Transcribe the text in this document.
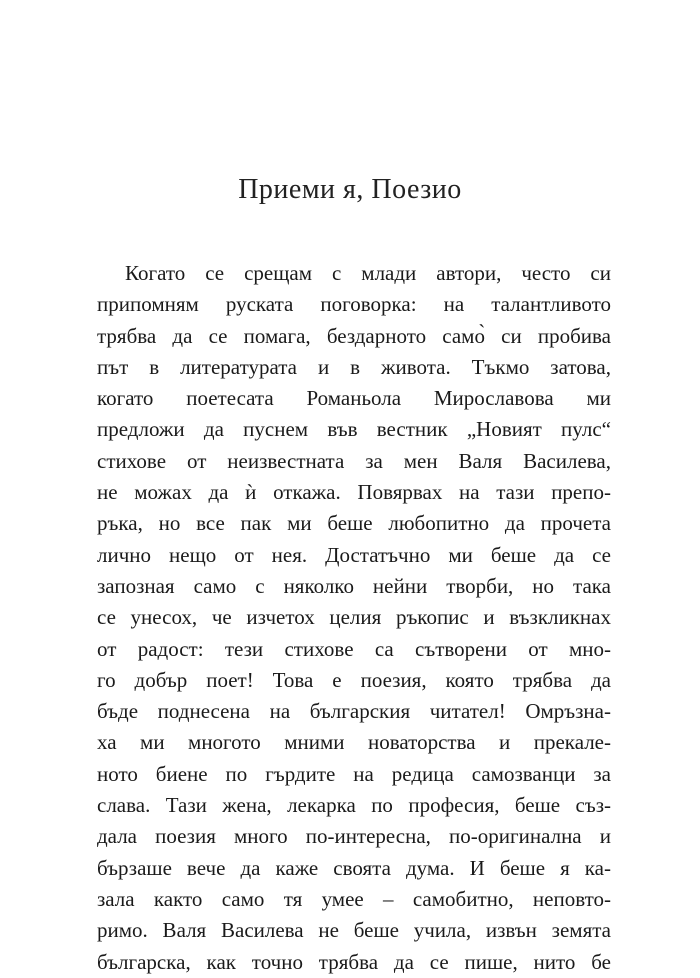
Приеми я, Поезио
Когато се срещам с млади автори, често си
припомням руската поговорка: на талантливото
трябва да се помага, бездарното само̀ си пробива
път в литературата и в живота. Тъкмо затова,
когато поетесата Романьола Мирославова ми
предложи да пуснем във вестник „Новият пулс“
стихове от неизвестната за мен Валя Василева,
не можах да ѝ откажа. Повярвах на тази препо-
ръка, но все пак ми беше любопитно да прочета
лично нещо от нея. Достатъчно ми беше да се
запозная само с няколко нейни творби, но така
се унесох, че изчетох целия ръкопис и възкликнах
от радост: тези стихове са сътворени от мно-
го добър поет! Това е поезия, която трябва да
бъде поднесена на българския читател! Омръзна-
ха ми многото мними новаторства и прекале-
ното биене по гърдите на редица самозванци за
слава. Тази жена, лекарка по професия, беше съз-
дала поезия много по-интересна, по-оригинална и
бързаше вече да каже своята дума. И беше я ка-
зала както само тя умее – самобитно, неповто-
римо. Валя Василева не беше учила, извън земята
българска, как точно трябва да се пише, нито бе
